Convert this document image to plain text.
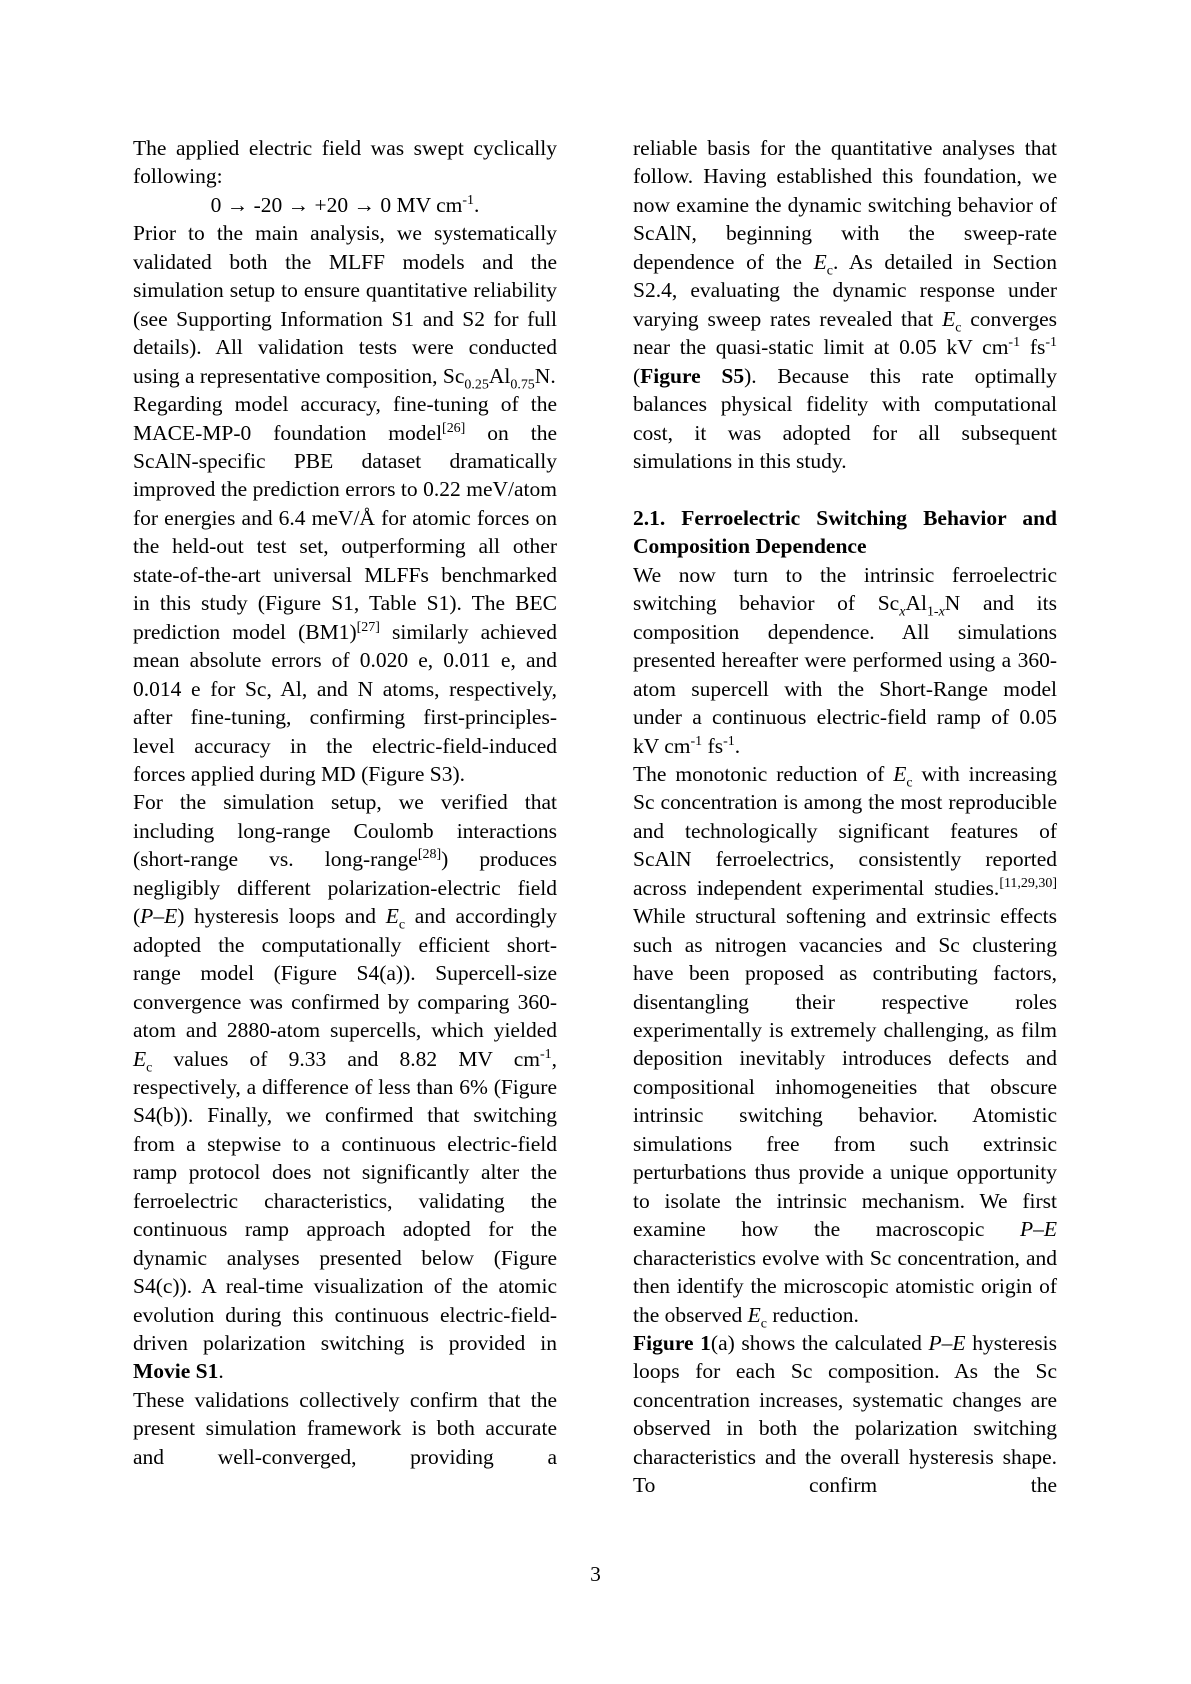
The applied electric field was swept cyclically following:

0 → -20 → +20 → 0 MV $cm^{-1}$.

Prior to the main analysis, we systematically validated both the MLFF models and the simulation setup to ensure quantitative reliability (see Supporting Information S1 and S2 for full details). All validation tests were conducted using a representative composition, $Sc_{0.25}Al_{0.75}N$.

Regarding model accuracy, fine-tuning of the MACE-MP-0 foundation model[26] on the ScAlN-specific PBE dataset dramatically improved the prediction errors to 0.22 meV/atom for energies and 6.4 meV/Å for atomic forces on the held-out test set, outperforming all other state-of-the-art universal MLFFs benchmarked in this study (Figure S1, Table S1). The BEC prediction model (BM1)[27] similarly achieved mean absolute errors of 0.020 e, 0.011 e, and 0.014 e for Sc, Al, and N atoms, respectively, after fine-tuning, confirming first-principles-level accuracy in the electric-field-induced forces applied during MD (Figure S3).

For the simulation setup, we verified that including long-range Coulomb interactions (short-range vs. long-range[28]) produces negligibly different polarization-electric field (P–E) hysteresis loops and $E_c$ and accordingly adopted the computationally efficient short-range model (Figure S4(a)). Supercell-size convergence was confirmed by comparing 360-atom and 2880-atom supercells, which yielded $E_c$ values of 9.33 and 8.82 MV $cm^{-1}$, respectively, a difference of less than 6% (Figure S4(b)). Finally, we confirmed that switching from a stepwise to a continuous electric-field ramp protocol does not significantly alter the ferroelectric characteristics, validating the continuous ramp approach adopted for the dynamic analyses presented below (Figure S4(c)). A real-time visualization of the atomic evolution during this continuous electric-field-driven polarization switching is provided in Movie S1.

These validations collectively confirm that the present simulation framework is both accurate and well-converged, providing a

reliable basis for the quantitative analyses that follow. Having established this foundation, we now examine the dynamic switching behavior of ScAlN, beginning with the sweep-rate dependence of the $E_c$. As detailed in Section S2.4, evaluating the dynamic response under varying sweep rates revealed that $E_c$ converges near the quasi-static limit at 0.05 kV $cm^{-1}$ $fs^{-1}$ (Figure S5). Because this rate optimally balances physical fidelity with computational cost, it was adopted for all subsequent simulations in this study.

2.1. Ferroelectric Switching Behavior and Composition Dependence

We now turn to the intrinsic ferroelectric switching behavior of $Sc_xAl_{1-x}N$ and its composition dependence. All simulations presented hereafter were performed using a 360-atom supercell with the Short-Range model under a continuous electric-field ramp of 0.05 kV $cm^{-1}$ $fs^{-1}$.

The monotonic reduction of $E_c$ with increasing Sc concentration is among the most reproducible and technologically significant features of ScAlN ferroelectrics, consistently reported across independent experimental studies.[11,29,30] While structural softening and extrinsic effects such as nitrogen vacancies and Sc clustering have been proposed as contributing factors, disentangling their respective roles experimentally is extremely challenging, as film deposition inevitably introduces defects and compositional inhomogeneities that obscure intrinsic switching behavior. Atomistic simulations free from such extrinsic perturbations thus provide a unique opportunity to isolate the intrinsic mechanism. We first examine how the macroscopic P–E characteristics evolve with Sc concentration, and then identify the microscopic atomistic origin of the observed $E_c$ reduction.

Figure 1(a) shows the calculated P–E hysteresis loops for each Sc composition. As the Sc concentration increases, systematic changes are observed in both the polarization switching characteristics and the overall hysteresis shape. To confirm the

3
